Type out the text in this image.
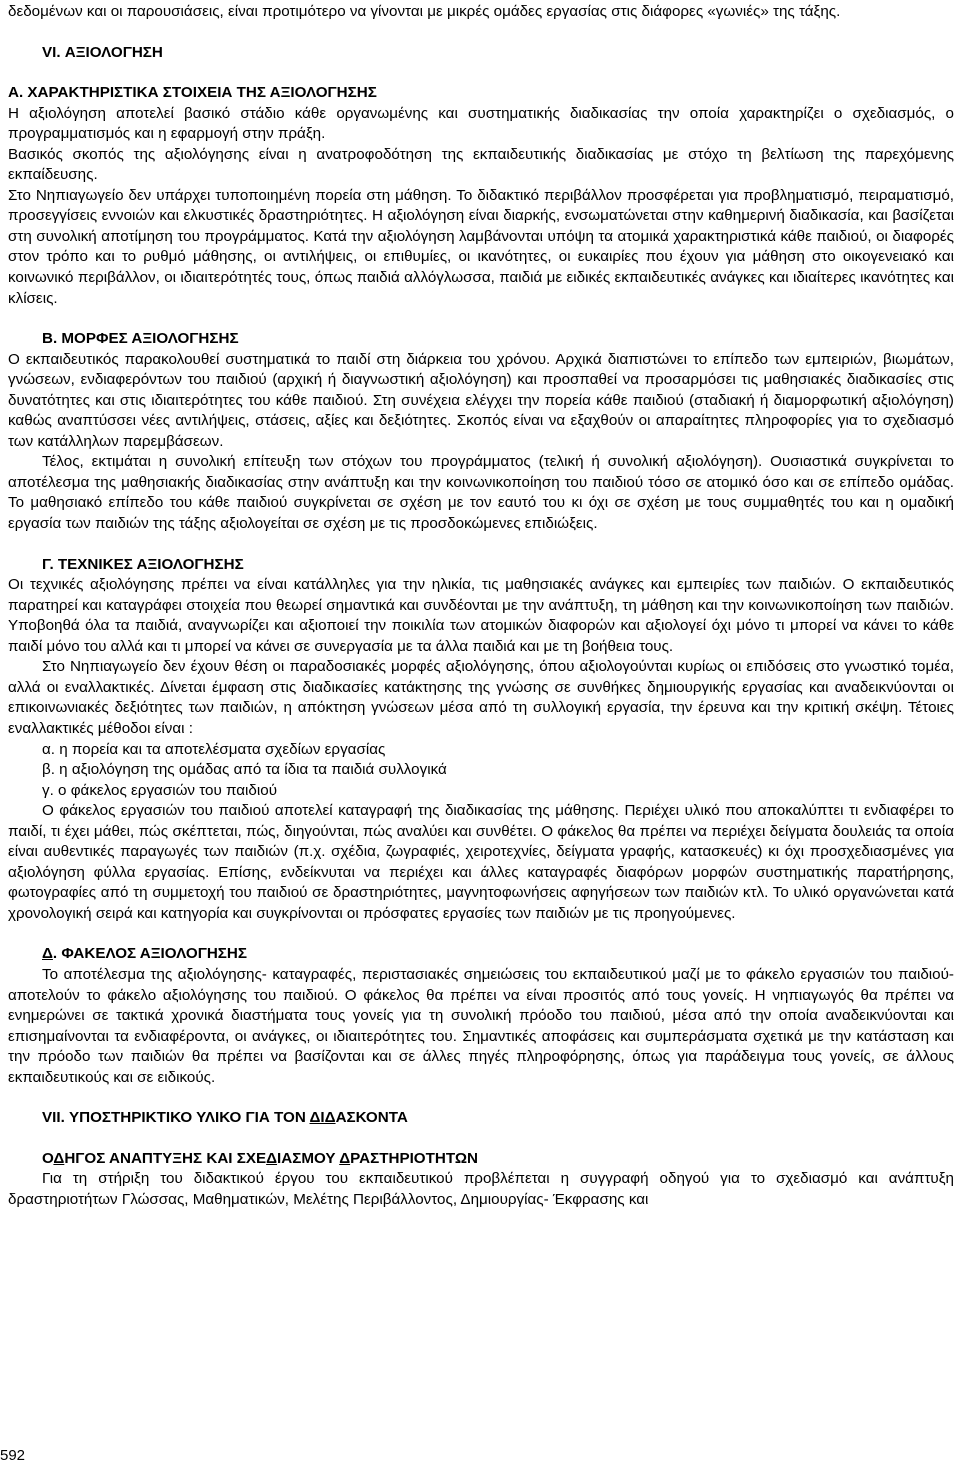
δεδομένων και οι παρουσιάσεις, είναι προτιμότερο να γίνονται με μικρές ομάδες εργασίας στις διάφορες «γωνιές» της τάξης.

VI. ΑΞΙΟΛΟΓΗΣΗ

Α. ΧΑΡΑΚΤΗΡΙΣΤΙΚΑ ΣΤΟΙΧΕΙΑ ΤΗΣ ΑΞΙΟΛΟΓΗΣΗΣ

Η αξιολόγηση αποτελεί βασικό στάδιο κάθε οργανωμένης και συστηματικής διαδικασίας την οποία χαρακτηρίζει ο σχεδιασμός, ο προγραμματισμός και η εφαρμογή στην πράξη.

Βασικός σκοπός της αξιολόγησης είναι η ανατροφοδότηση της εκπαιδευτικής διαδικασίας με στόχο τη βελτίωση της παρεχόμενης εκπαίδευσης.

Στο Νηπιαγωγείο δεν υπάρχει τυποποιημένη πορεία στη μάθηση. Το διδακτικό περιβάλλον προσφέρεται για προβληματισμό, πειραματισμό, προσεγγίσεις εννοιών και ελκυστικές δραστηριότητες. Η αξιολόγηση είναι διαρκής, ενσωματώνεται στην καθημερινή διαδικασία, και βασίζεται στη συνολική αποτίμηση του προγράμματος. Κατά την αξιολόγηση λαμβάνονται υπόψη τα ατομικά χαρακτηριστικά κάθε παιδιού, οι διαφορές στον τρόπο και το ρυθμό μάθησης, οι αντιλήψεις, οι επιθυμίες, οι ικανότητες, οι ευκαιρίες που έχουν για μάθηση στο οικογενειακό και κοινωνικό περιβάλλον, οι ιδιαιτερότητές τους, όπως παιδιά αλλόγλωσσα, παιδιά με ειδικές εκπαιδευτικές ανάγκες και ιδιαίτερες ικανότητες και κλίσεις.

Β. ΜΟΡΦΕΣ ΑΞΙΟΛΟΓΗΣΗΣ

Ο εκπαιδευτικός παρακολουθεί συστηματικά το παιδί στη διάρκεια του χρόνου. Αρχικά διαπιστώνει το επίπεδο των εμπειριών, βιωμάτων, γνώσεων, ενδιαφερόντων του παιδιού (αρχική ή διαγνωστική αξιολόγηση) και προσπαθεί να προσαρμόσει τις μαθησιακές διαδικασίες στις δυνατότητες και στις ιδιαιτερότητες του κάθε παιδιού. Στη συνέχεια ελέγχει την πορεία κάθε παιδιού (σταδιακή ή διαμορφωτική αξιολόγηση) καθώς αναπτύσσει νέες αντιλήψεις, στάσεις, αξίες και δεξιότητες. Σκοπός είναι να εξαχθούν οι απαραίτητες πληροφορίες για το σχεδιασμό των κατάλληλων παρεμβάσεων.

Τέλος, εκτιμάται η συνολική επίτευξη των στόχων του προγράμματος (τελική ή συνολική αξιολόγηση). Ουσιαστικά συγκρίνεται το αποτέλεσμα της μαθησιακής διαδικασίας στην ανάπτυξη και την κοινωνικοποίηση του παιδιού τόσο σε ατομικό όσο και σε επίπεδο ομάδας. Το μαθησιακό επίπεδο του κάθε παιδιού συγκρίνεται σε σχέση με τον εαυτό του κι όχι σε σχέση με τους συμμαθητές του και η ομαδική εργασία των παιδιών της τάξης αξιολογείται σε σχέση με τις προσδοκώμενες επιδιώξεις.

Γ. ΤΕΧΝΙΚΕΣ ΑΞΙΟΛΟΓΗΣΗΣ

Οι τεχνικές αξιολόγησης πρέπει να είναι κατάλληλες για την ηλικία, τις μαθησιακές ανάγκες και εμπειρίες των παιδιών. Ο εκπαιδευτικός παρατηρεί και καταγράφει στοιχεία που θεωρεί σημαντικά και συνδέονται με την ανάπτυξη, τη μάθηση και την κοινωνικοποίηση των παιδιών. Υποβοηθά όλα τα παιδιά, αναγνωρίζει και αξιοποιεί την ποικιλία των ατομικών διαφορών και αξιολογεί όχι μόνο τι μπορεί να κάνει το κάθε παιδί μόνο του αλλά και τι μπορεί να κάνει σε συνεργασία με τα άλλα παιδιά και με τη βοήθεια τους.

Στο Νηπιαγωγείο δεν έχουν θέση οι παραδοσιακές μορφές αξιολόγησης, όπου αξιολογούνται κυρίως οι επιδόσεις στο γνωστικό τομέα, αλλά οι εναλλακτικές. Δίνεται έμφαση στις διαδικασίες κατάκτησης της γνώσης σε συνθήκες δημιουργικής εργασίας και αναδεικνύονται οι επικοινωνιακές δεξιότητες των παιδιών, η απόκτηση γνώσεων μέσα από τη συλλογική εργασία, την έρευνα και την κριτική σκέψη. Τέτοιες εναλλακτικές μέθοδοι είναι :

α. η πορεία και τα αποτελέσματα σχεδίων εργασίας

β. η αξιολόγηση της ομάδας από τα ίδια τα παιδιά συλλογικά

γ. ο φάκελος εργασιών του παιδιού

Ο φάκελος εργασιών του παιδιού αποτελεί καταγραφή της διαδικασίας της μάθησης. Περιέχει υλικό που αποκαλύπτει τι ενδιαφέρει το παιδί, τι έχει μάθει, πώς σκέπτεται, πώς, διηγούνται, πώς αναλύει και συνθέτει. Ο φάκελος θα πρέπει να περιέχει δείγματα δουλειάς τα οποία είναι αυθεντικές παραγωγές των παιδιών (π.χ. σχέδια, ζωγραφιές, χειροτεχνίες, δείγματα γραφής, κατασκευές) κι όχι προσχεδιασμένες για αξιολόγηση φύλλα εργασίας. Επίσης, ενδείκνυται να περιέχει και άλλες καταγραφές διαφόρων μορφών συστηματικής παρατήρησης, φωτογραφίες από τη συμμετοχή του παιδιού σε δραστηριότητες, μαγνητοφωνήσεις αφηγήσεων των παιδιών κτλ. Το υλικό οργανώνεται κατά χρονολογική σειρά και κατηγορία και συγκρίνονται οι πρόσφατες εργασίες των παιδιών με τις προηγούμενες.

Δ. ΦΑΚΕΛΟΣ ΑΞΙΟΛΟΓΗΣΗΣ

Το αποτέλεσμα της αξιολόγησης- καταγραφές, περιστασιακές σημειώσεις του εκπαιδευτικού μαζί με το φάκελο εργασιών του παιδιού- αποτελούν το φάκελο αξιολόγησης του παιδιού. Ο φάκελος θα πρέπει να είναι προσιτός από τους γονείς. Η νηπιαγωγός θα πρέπει να ενημερώνει σε τακτικά χρονικά διαστήματα τους γονείς για τη συνολική πρόοδο του παιδιού, μέσα από την οποία αναδεικνύονται και επισημαίνονται τα ενδιαφέροντα, οι ανάγκες, οι ιδιαιτερότητες του. Σημαντικές αποφάσεις και συμπεράσματα σχετικά με την κατάσταση και την πρόοδο των παιδιών θα πρέπει να βασίζονται και σε άλλες πηγές πληροφόρησης, όπως για παράδειγμα τους γονείς, σε άλλους εκπαιδευτικούς και σε ειδικούς.

VII. ΥΠΟΣΤΗΡΙΚΤΙΚΟ ΥΛΙΚΟ ΓΙΑ ΤΟΝ ΔΙΔΑΣΚΟΝΤΑ

ΟΔΗΓΟΣ ΑΝΑΠΤΥΞΗΣ ΚΑΙ ΣΧΕΔΙΑΣΜΟΥ ΔΡΑΣΤΗΡΙΟΤΗΤΩΝ

Για τη στήριξη του διδακτικού έργου του εκπαιδευτικού προβλέπεται η συγγραφή οδηγού για το σχεδιασμό και ανάπτυξη δραστηριοτήτων Γλώσσας, Μαθηματικών, Μελέτης Περιβάλλοντος, Δημιουργίας- Έκφρασης και

592
